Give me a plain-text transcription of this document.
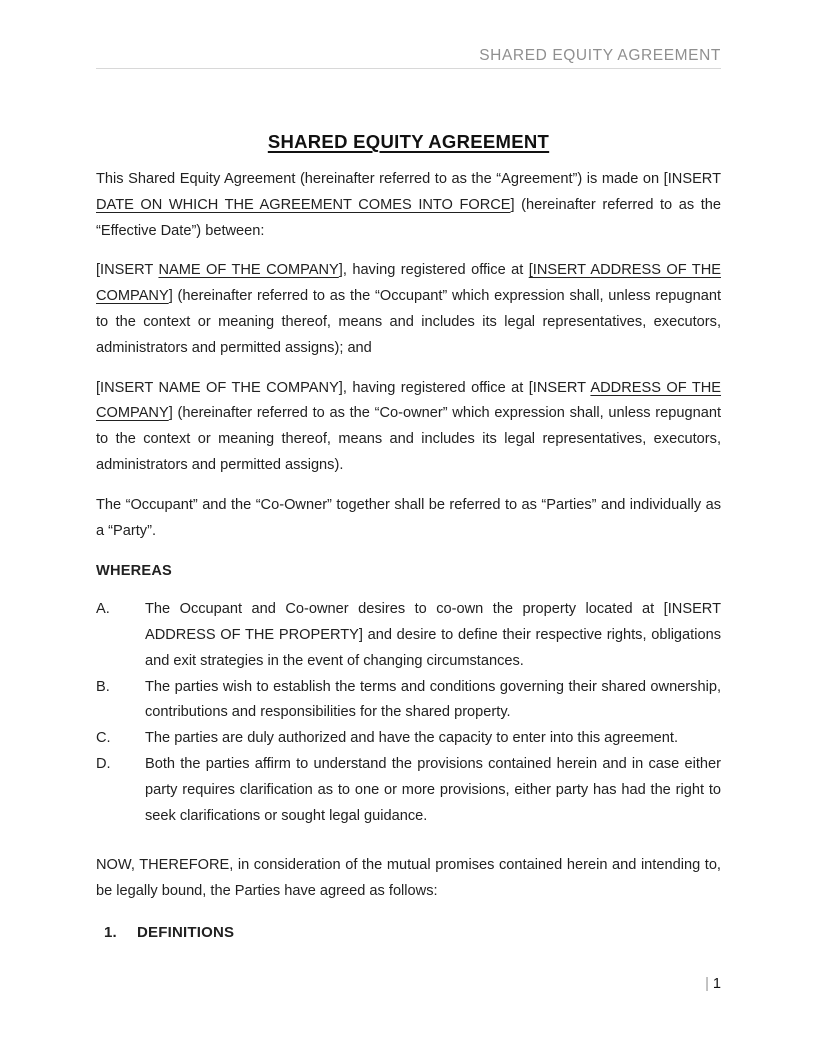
SHARED EQUITY AGREEMENT
SHARED EQUITY AGREEMENT

This Shared Equity Agreement (hereinafter referred to as the “Agreement”) is made on [INSERT DATE ON WHICH THE AGREEMENT COMES INTO FORCE] (hereinafter referred to as the “Effective Date”) between:

[INSERT NAME OF THE COMPANY], having registered office at [INSERT ADDRESS OF THE COMPANY] (hereinafter referred to as the “Occupant” which expression shall, unless repugnant to the context or meaning thereof, means and includes its legal representatives, executors, administrators and permitted assigns); and

[INSERT NAME OF THE COMPANY], having registered office at [INSERT ADDRESS OF THE COMPANY] (hereinafter referred to as the “Co-owner” which expression shall, unless repugnant to the context or meaning thereof, means and includes its legal representatives, executors, administrators and permitted assigns).

The “Occupant” and the “Co-Owner” together shall be referred to as “Parties” and individually as a “Party”.

WHEREAS
A.	The Occupant and Co-owner desires to co-own the property located at [INSERT ADDRESS OF THE PROPERTY] and desire to define their respective rights, obligations and exit strategies in the event of changing circumstances.
B.	The parties wish to establish the terms and conditions governing their shared ownership, contributions and responsibilities for the shared property.
C.	The parties are duly authorized and have the capacity to enter into this agreement.
D.	Both the parties affirm to understand the provisions contained herein and in case either party requires clarification as to one or more provisions, either party has had the right to seek clarifications or sought legal guidance.

NOW, THEREFORE, in consideration of the mutual promises contained herein and intending to, be legally bound, the Parties have agreed as follows:

1.	DEFINITIONS
| 1
